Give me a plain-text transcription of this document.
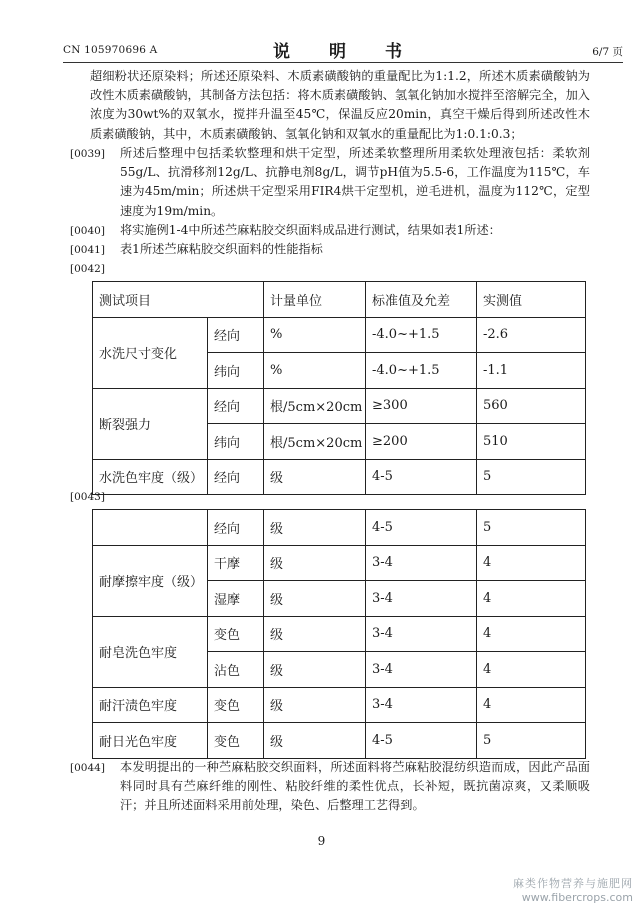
CN 105970696 A	说　明　书	6/7 页

超细粉状还原染料；所述还原染料、木质素磺酸钠的重量配比为1:1.2，所述木质素磺酸钠为改性木质素磺酸钠，其制备方法包括：将木质素磺酸钠、氢氧化钠加水搅拌至溶解完全，加入浓度为30wt%的双氧水，搅拌升温至45℃，保温反应20min，真空干燥后得到所述改性木质素磺酸钠，其中，木质素磺酸钠、氢氧化钠和双氧水的重量配比为1:0.1:0.3；

[0039] 所述后整理中包括柔软整理和烘干定型，所述柔软整理所用柔软处理液包括：柔软剂55g/L、抗滑移剂12g/L、抗静电剂8g/L，调节pH值为5.5-6，工作温度为115℃，车速为45m/min；所述烘干定型采用FIR4烘干定型机，逆毛进机，温度为112℃，定型速度为19m/min。

[0040] 将实施例1-4中所述苎麻粘胶交织面料成品进行测试，结果如表1所述：

[0041] 表1所述苎麻粘胶交织面料的性能指标

[0042]
测试项目		计量单位	标准值及允差	实测值
水洗尺寸变化	经向	%	-4.0~+1.5	-2.6
	纬向	%	-4.0~+1.5	-1.1
断裂强力	经向	根/5cm×20cm	≥300	560
	纬向	根/5cm×20cm	≥200	510
水洗色牢度（级）	经向	级	4-5	5
[0043]
	经向	级	4-5	5
耐摩擦牢度（级）	干摩	级	3-4	4
	湿摩	级	3-4	4
耐皂洗色牢度	变色	级	3-4	4
	沾色	级	3-4	4
耐汗渍色牢度	变色	级	3-4	4
耐日光色牢度	变色	级	4-5	5
[0044] 本发明提出的一种苎麻粘胶交织面料，所述面料将苎麻粘胶混纺织造而成，因此产品面料同时具有苎麻纤维的刚性、粘胶纤维的柔性优点，长补短，既抗菌凉爽，又柔顺吸汗；并且所述面料采用前处理，染色、后整理工艺得到。

9
麻类作物营养与施肥网
www.fibercrops.com
